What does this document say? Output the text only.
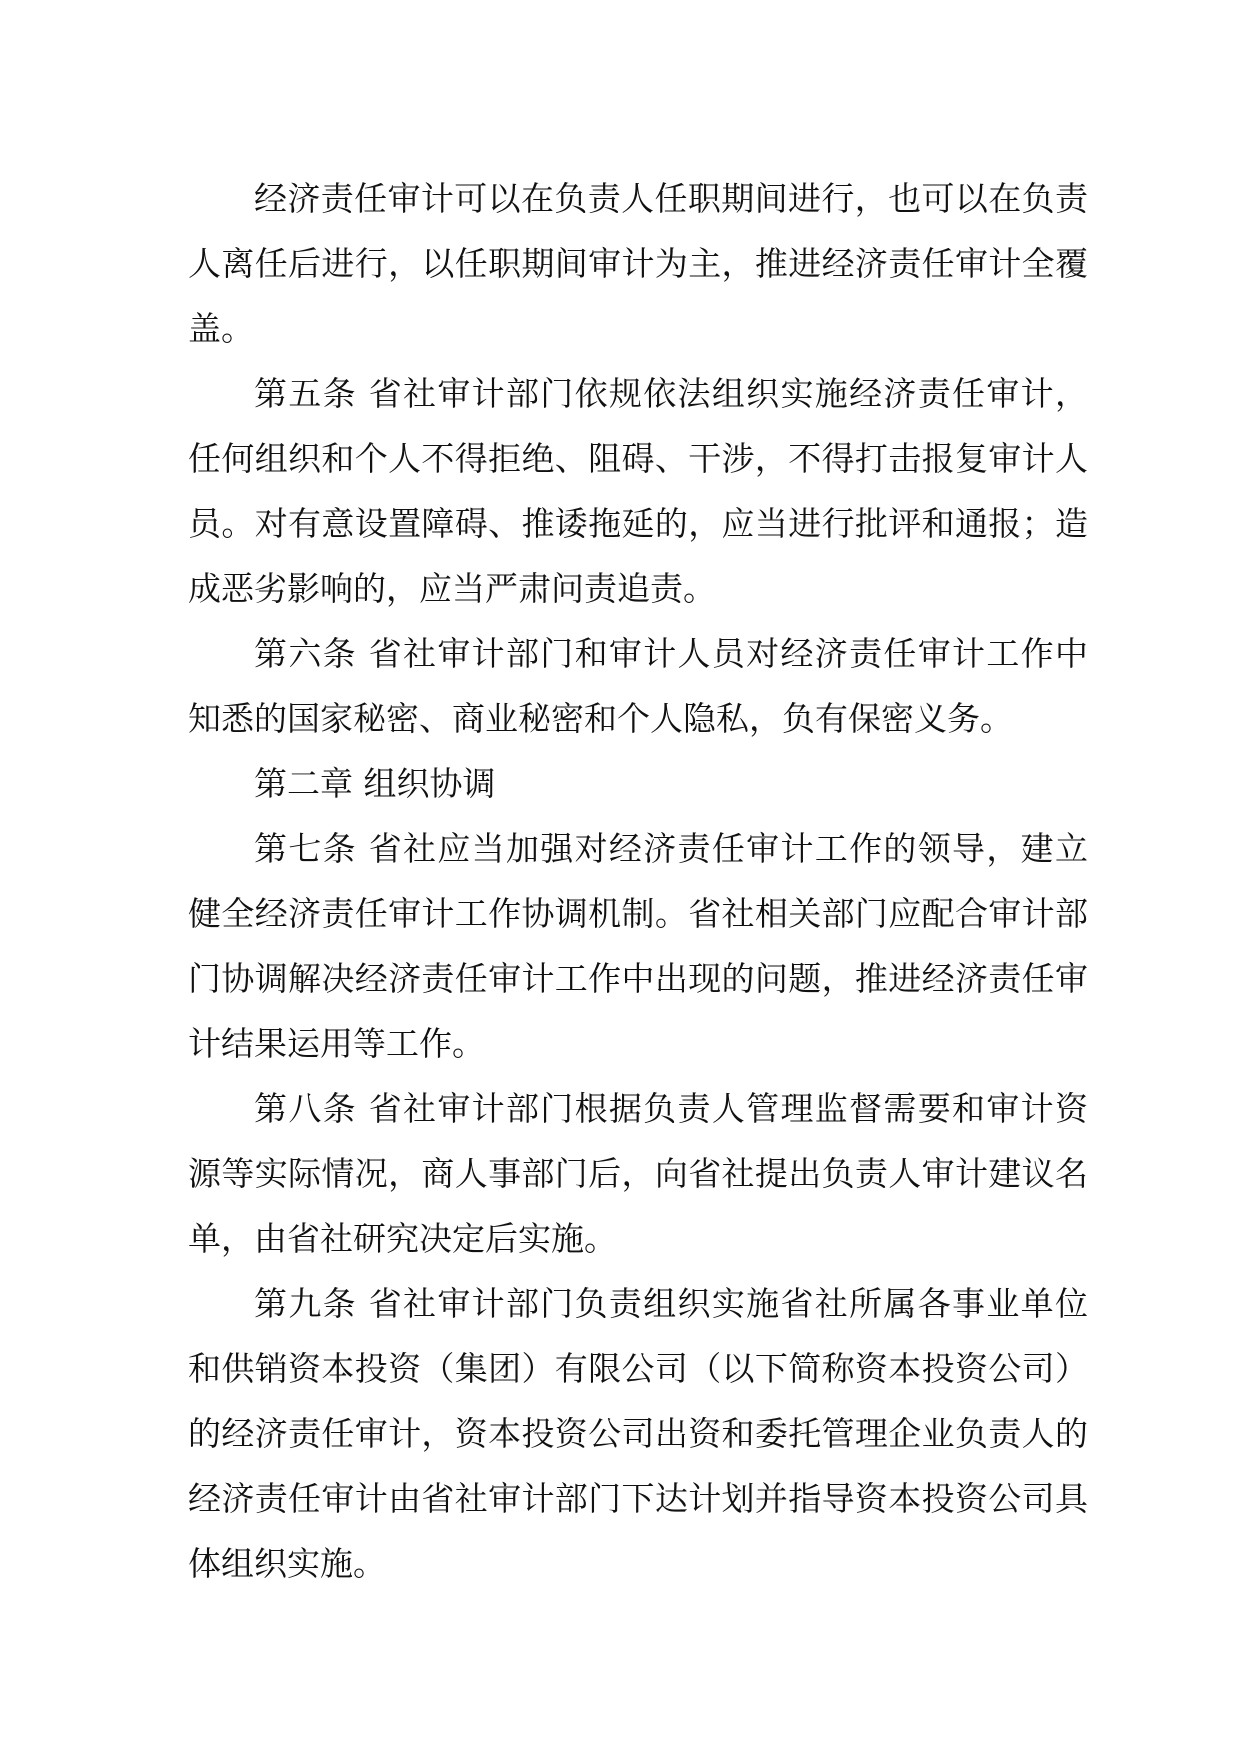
经济责任审计可以在负责人任职期间进行，也可以在负责人离任后进行，以任职期间审计为主，推进经济责任审计全覆盖。

第五条 省社审计部门依规依法组织实施经济责任审计，任何组织和个人不得拒绝、阻碍、干涉，不得打击报复审计人员。对有意设置障碍、推诿拖延的，应当进行批评和通报；造成恶劣影响的，应当严肃问责追责。

第六条 省社审计部门和审计人员对经济责任审计工作中知悉的国家秘密、商业秘密和个人隐私，负有保密义务。

第二章 组织协调

第七条 省社应当加强对经济责任审计工作的领导，建立健全经济责任审计工作协调机制。省社相关部门应配合审计部门协调解决经济责任审计工作中出现的问题，推进经济责任审计结果运用等工作。

第八条 省社审计部门根据负责人管理监督需要和审计资源等实际情况，商人事部门后，向省社提出负责人审计建议名单，由省社研究决定后实施。

第九条 省社审计部门负责组织实施省社所属各事业单位和供销资本投资（集团）有限公司（以下简称资本投资公司）的经济责任审计，资本投资公司出资和委托管理企业负责人的经济责任审计由省社审计部门下达计划并指导资本投资公司具体组织实施。
